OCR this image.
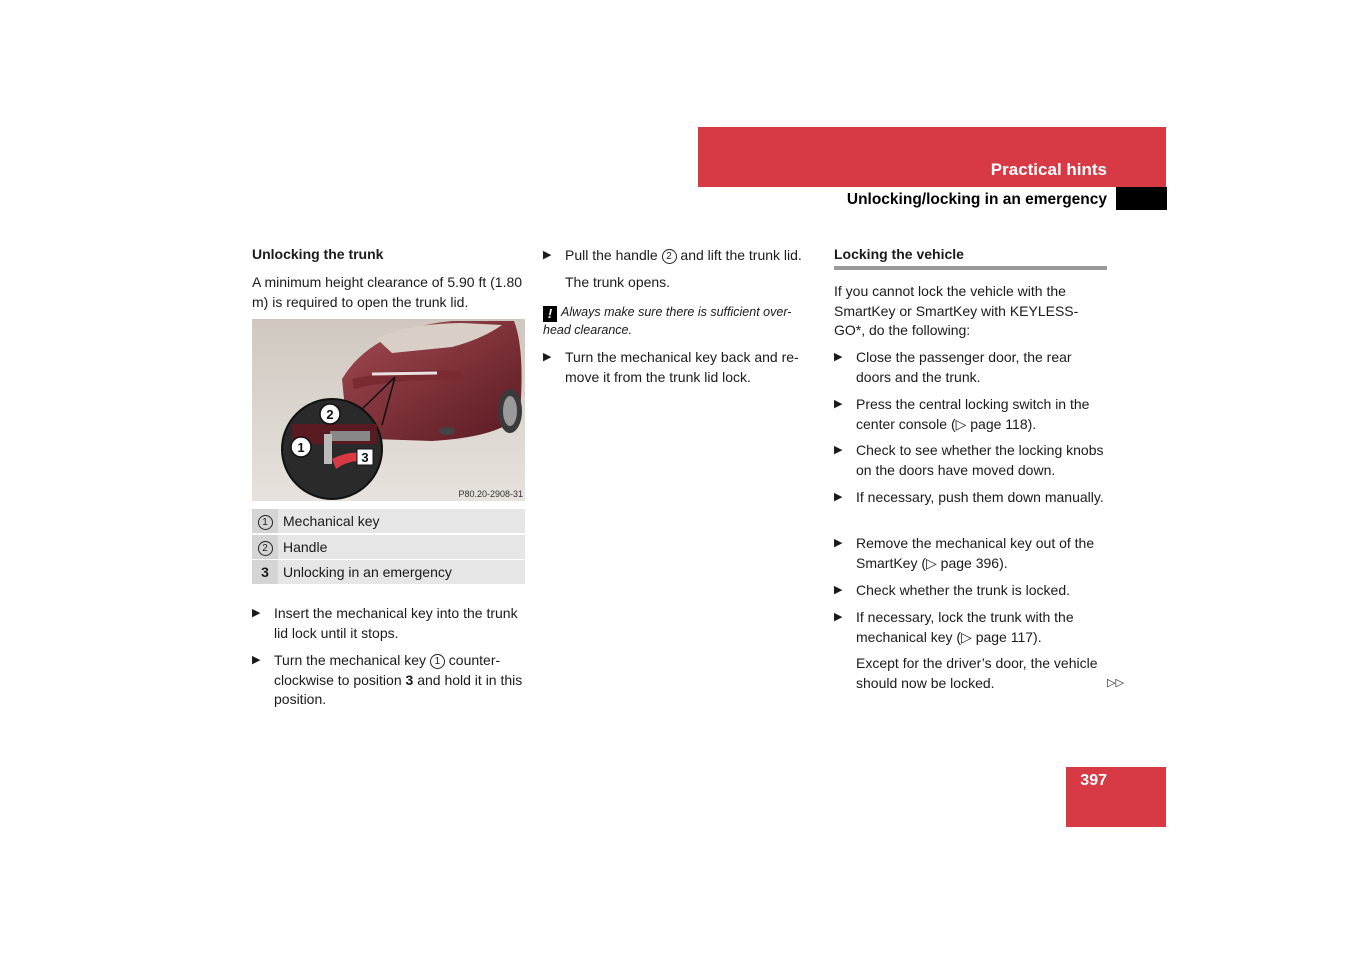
Practical hints
Unlocking/locking in an emergency
Unlocking the trunk
A minimum height clearance of 5.90 ft (1.80 m) is required to open the trunk lid.
2
1
3
P80.20-2908-31
1	Mechanical key
2	Handle
3	Unlocking in an emergency
▶ Insert the mechanical key into the trunk lid lock until it stops.
▶ Turn the mechanical key 1 counter-clockwise to position 3 and hold it in this position.
▶ Pull the handle 2 and lift the trunk lid.
The trunk opens.
! Always make sure there is sufficient over-head clearance.
▶ Turn the mechanical key back and re-move it from the trunk lid lock.
Locking the vehicle
If you cannot lock the vehicle with the SmartKey or SmartKey with KEYLESS-GO*, do the following:
▶ Close the passenger door, the rear doors and the trunk.
▶ Press the central locking switch in the center console (▷ page 118).
▶ Check to see whether the locking knobs on the doors have moved down.
▶ If necessary, push them down manually.
▶ Remove the mechanical key out of the SmartKey (▷ page 396).
▶ Check whether the trunk is locked.
▶ If necessary, lock the trunk with the mechanical key (▷ page 117).
Except for the driver’s door, the vehicle should now be locked.	▷▷
397
